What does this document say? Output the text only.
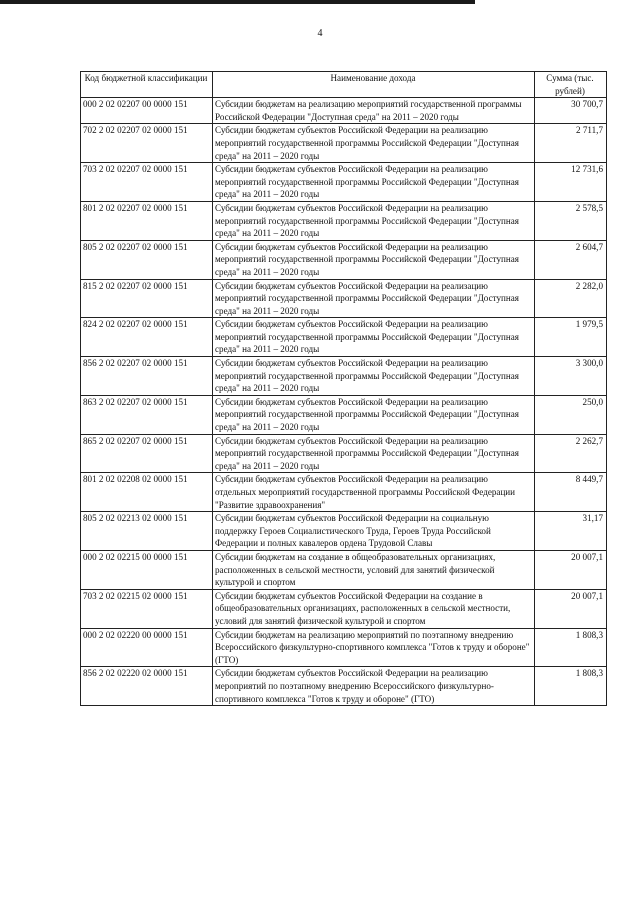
4
Код бюджетной классификации	Наименование дохода	Сумма (тыс. рублей)
000 2 02 02207 00 0000 151	Субсидии бюджетам на реализацию мероприятий государственной программы Российской Федерации "Доступная среда" на 2011 – 2020 годы	30 700,7
702 2 02 02207 02 0000 151	Субсидии бюджетам субъектов Российской Федерации на реализацию мероприятий государственной программы Российской Федерации "Доступная среда" на 2011 – 2020 годы	2 711,7
703 2 02 02207 02 0000 151	Субсидии бюджетам субъектов Российской Федерации на реализацию мероприятий государственной программы Российской Федерации "Доступная среда" на 2011 – 2020 годы	12 731,6
801 2 02 02207 02 0000 151	Субсидии бюджетам субъектов Российской Федерации на реализацию мероприятий государственной программы Российской Федерации "Доступная среда" на 2011 – 2020 годы	2 578,5
805 2 02 02207 02 0000 151	Субсидии бюджетам субъектов Российской Федерации на реализацию мероприятий государственной программы Российской Федерации "Доступная среда" на 2011 – 2020 годы	2 604,7
815 2 02 02207 02 0000 151	Субсидии бюджетам субъектов Российской Федерации на реализацию мероприятий государственной программы Российской Федерации "Доступная среда" на 2011 – 2020 годы	2 282,0
824 2 02 02207 02 0000 151	Субсидии бюджетам субъектов Российской Федерации на реализацию мероприятий государственной программы Российской Федерации "Доступная среда" на 2011 – 2020 годы	1 979,5
856 2 02 02207 02 0000 151	Субсидии бюджетам субъектов Российской Федерации на реализацию мероприятий государственной программы Российской Федерации "Доступная среда" на 2011 – 2020 годы	3 300,0
863 2 02 02207 02 0000 151	Субсидии бюджетам субъектов Российской Федерации на реализацию мероприятий государственной программы Российской Федерации "Доступная среда" на 2011 – 2020 годы	250,0
865 2 02 02207 02 0000 151	Субсидии бюджетам субъектов Российской Федерации на реализацию мероприятий государственной программы Российской Федерации "Доступная среда" на 2011 – 2020 годы	2 262,7
801 2 02 02208 02 0000 151	Субсидии бюджетам субъектов Российской Федерации на реализацию отдельных мероприятий государственной программы Российской Федерации "Развитие здравоохранения"	8 449,7
805 2 02 02213 02 0000 151	Субсидии бюджетам субъектов Российской Федерации на социальную поддержку Героев Социалистического Труда, Героев Труда Российской Федерации и полных кавалеров ордена Трудовой Славы	31,17
000 2 02 02215 00 0000 151	Субсидии бюджетам на создание в общеобразовательных организациях, расположенных в сельской местности, условий для занятий физической культурой и спортом	20 007,1
703 2 02 02215 02 0000 151	Субсидии бюджетам субъектов Российской Федерации на создание в общеобразовательных организациях, расположенных в сельской местности, условий для занятий физической культурой и спортом	20 007,1
000 2 02 02220 00 0000 151	Субсидии бюджетам на реализацию мероприятий по поэтапному внедрению Всероссийского физкультурно-спортивного комплекса "Готов к труду и обороне" (ГТО)	1 808,3
856 2 02 02220 02 0000 151	Субсидии бюджетам субъектов Российской Федерации на реализацию мероприятий по поэтапному внедрению Всероссийского физкультурно-спортивного комплекса "Готов к труду и обороне" (ГТО)	1 808,3
